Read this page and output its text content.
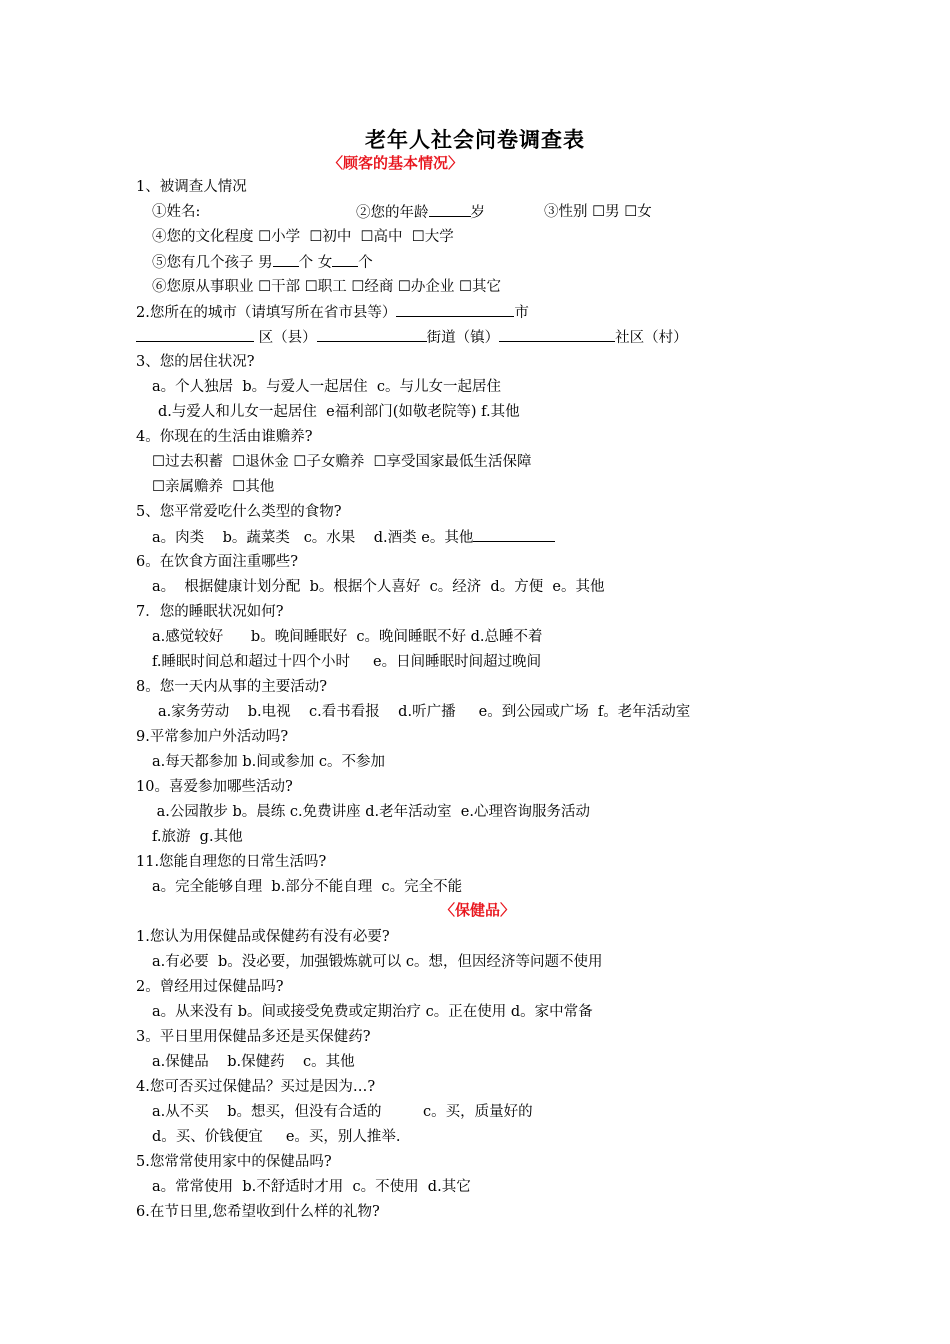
老年人社会问卷调查表
〈顾客的基本情况〉
〈保健品〉
1、被调查人情况
①姓名:	②您的年龄	岁	③性别 ☐男 ☐女
④您的文化程度 ☐小学  ☐初中  ☐高中  ☐大学
⑤您有几个孩子 男 个 女 个
⑥您原从事职业 ☐干部 ☐职工 ☐经商 ☐办企业 ☐其它
2.您所在的城市（请填写所在省市县等）	市
区（县）	街道（镇）	社区（村）
3、您的居住状况?
a。个人独居  b。与爱人一起居住  c。与儿女一起居住
d.与爱人和儿女一起居住  e福利部门(如敬老院等) f.其他
4。你现在的生活由谁赡养?
☐过去积蓄  ☐退休金 ☐子女赡养  ☐享受国家最低生活保障
☐亲属赡养  ☐其他
5、您平常爱吃什么类型的食物?
a。肉类    b。蔬菜类   c。水果    d.酒类 e。其他
6。在饮食方面注重哪些?
a。  根据健康计划分配  b。根据个人喜好  c。经济  d。方便  e。其他
7．您的睡眠状况如何?
a.感觉较好      b。晚间睡眠好  c。晚间睡眠不好 d.总睡不着
f.睡眠时间总和超过十四个小时     e。日间睡眠时间超过晚间
8。您一天内从事的主要活动?
a.家务劳动    b.电视    c.看书看报    d.听广播     e。到公园或广场  f。老年活动室
9.平常参加户外活动吗?
a.每天都参加 b.间或参加 c。不参加
10。喜爱参加哪些活动?
a.公园散步 b。晨练 c.免费讲座 d.老年活动室  e.心理咨询服务活动
f.旅游  g.其他
11.您能自理您的日常生活吗?
a。完全能够自理  b.部分不能自理  c。完全不能
1.您认为用保健品或保健药有没有必要?
a.有必要  b。没必要，加强锻炼就可以 c。想，但因经济等问题不使用
2。曾经用过保健品吗?
a。从来没有 b。间或接受免费或定期治疗 c。正在使用 d。家中常备
3。平日里用保健品多还是买保健药?
a.保健品    b.保健药    c。其他
4.您可否买过保健品？买过是因为…?
a.从不买    b。想买，但没有合适的         c。买，质量好的
d。买、价钱便宜     e。买，别人推举.
5.您常常使用家中的保健品吗?
a。常常使用  b.不舒适时才用  c。不使用  d.其它
6.在节日里,您希望收到什么样的礼物?
